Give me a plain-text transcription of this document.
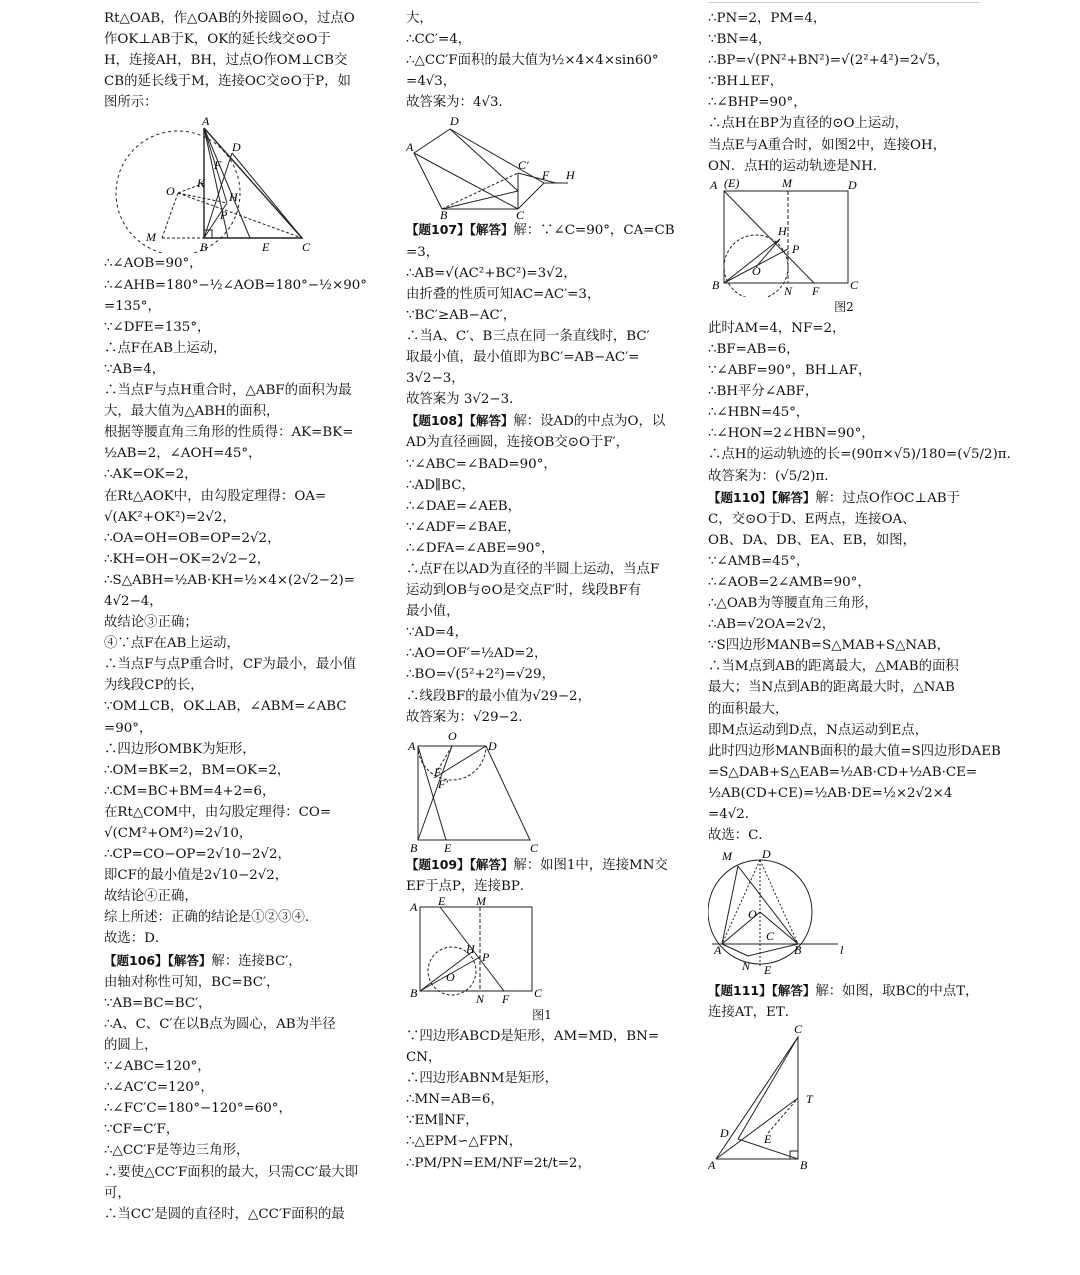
Rt△OAB，作△OAB的外接圆⊙O，过点O
作OK⊥AB于K，OK的延长线交⊙O于
H，连接AH，BH，过点O作OM⊥CB交
CB的延长线于M，连接OC交⊙O于P，如
图所示：
A
D
F
O
K
H
P
M
B	E	C
∴∠AOB=90°，
∴∠AHB=180°−½∠AOB=180°−½×90°
=135°，
∵∠DFE=135°，
∴点F在AB上运动，
∵AB=4，
∴当点F与点H重合时，△ABF的面积为最
大，最大值为△ABH的面积，
根据等腰直角三角形的性质得：AK=BK=
½AB=2，∠AOH=45°，
∴AK=OK=2，
在Rt△AOK中，由勾股定理得：OA=
√(AK²+OK²)=2√2，
∴OA=OH=OB=OP=2√2，
∴KH=OH−OK=2√2−2，
∴S△ABH=½AB·KH=½×4×(2√2−2)=
4√2−4，
故结论③正确；
④∵点F在AB上运动，
∴当点F与点P重合时，CF为最小，最小值
为线段CP的长，
∵OM⊥CB，OK⊥AB，∠ABM=∠ABC
=90°，
∴四边形OMBK为矩形，
∴OM=BK=2，BM=OK=2，
∴CM=BC+BM=4+2=6，
在Rt△COM中，由勾股定理得：CO=
√(CM²+OM²)=2√10，
∴CP=CO−OP=2√10−2√2，
即CF的最小值是2√10−2√2，
故结论④正确，
综上所述：正确的结论是①②③④．
故选：D．
【题106】【解答】解：连接BC′，
由轴对称性可知，BC=BC′，
∵AB=BC=BC′，
∴A、C、C′在以B点为圆心，AB为半径
的圆上，
∵∠ABC=120°，
∴∠AC′C=120°，
∴∠FC′C=180°−120°=60°，
∵CF=C′F，
∴△CC′F是等边三角形，
∴要使△CC′F面积的最大，只需CC′最大即
可，
∴当CC′是圆的直径时，△CC′F面积的最
大，
∴CC′=4，
∴△CC′F面积的最大值为½×4×4×sin60°
=4√3，
故答案为：4√3．
A
D
C′
F H
B	C
【题107】【解答】解：∵∠C=90°，CA=CB
=3，
∴AB=√(AC²+BC²)=3√2，
由折叠的性质可知AC=AC′=3，
∵BC′≥AB−AC′，
∴当A、C′、B三点在同一条直线时，BC′
取最小值，最小值即为BC′=AB−AC′=
3√2−3，
故答案为 3√2−3．
【题108】【解答】解：设AD的中点为O，以
AD为直径画圆，连接OB交⊙O于F′，
∵∠ABC=∠BAD=90°，
∴AD∥BC，
∴∠DAE=∠AEB，
∵∠ADF=∠BAE，
∴∠DFA=∠ABE=90°，
∴点F在以AD为直径的半圆上运动，当点F
运动到OB与⊙O是交点F′时，线段BF有
最小值，
∵AD=4，
∴AO=OF′=½AD=2，
∴BO=√(5²+2²)=√29，
∴线段BF的最小值为√29−2，
故答案为：√29−2．
A
O
D
F
F′
B E	C
【题109】【解答】解：如图1中，连接MN交
EF于点P，连接BP．
A E	M
H
P
O
B	N F C
图1
∵四边形ABCD是矩形，AM=MD，BN=
CN，
∴四边形ABNM是矩形，
∴MN=AB=6，
∵EM∥NF，
∴△EPM∽△FPN，
∴PM/PN=EM/NF=2t/t=2，
∴PN=2，PM=4，
∵BN=4，
∴BP=√(PN²+BN²)=√(2²+4²)=2√5，
∵BH⊥EF，
∴∠BHP=90°，
∴点H在BP为直径的⊙O上运动，
当点E与A重合时，如图2中，连接OH，
ON．点H的运动轨迹是NH．
A (E)	M	D
H
P
O
B	N F	C
图2
此时AM=4，NF=2，
∴BF=AB=6，
∵∠ABF=90°，BH⊥AF，
∴BH平分∠ABF，
∴∠HBN=45°，
∴∠HON=2∠HBN=90°，
∴点H的运动轨迹的长=(90π×√5)/180=(√5/2)π．
故答案为：(√5/2)π．
【题110】【解答】解：过点O作OC⊥AB于
C，交⊙O于D、E两点，连接OA、
OB、DA、DB、EA、EB，如图，
∵∠AMB=45°，
∴∠AOB=2∠AMB=90°，
∴△OAB为等腰直角三角形，
∴AB=√2OA=2√2，
∵S四边形MANB=S△MAB+S△NAB，
∴当M点到AB的距离最大，△MAB的面积
最大；当N点到AB的距离最大时，△NAB
的面积最大，
即M点运动到D点，N点运动到E点，
此时四边形MANB面积的最大值=S四边形DAEB
=S△DAB+S△EAB=½AB·CD+½AB·CE=
½AB(CD+CE)=½AB·DE=½×2√2×4
=4√2．
故选：C．
M	D
O
C
A	B	l
N E
【题111】【解答】解：如图，取BC的中点T，
连接AT，ET．
C
T
D	E
A	B
